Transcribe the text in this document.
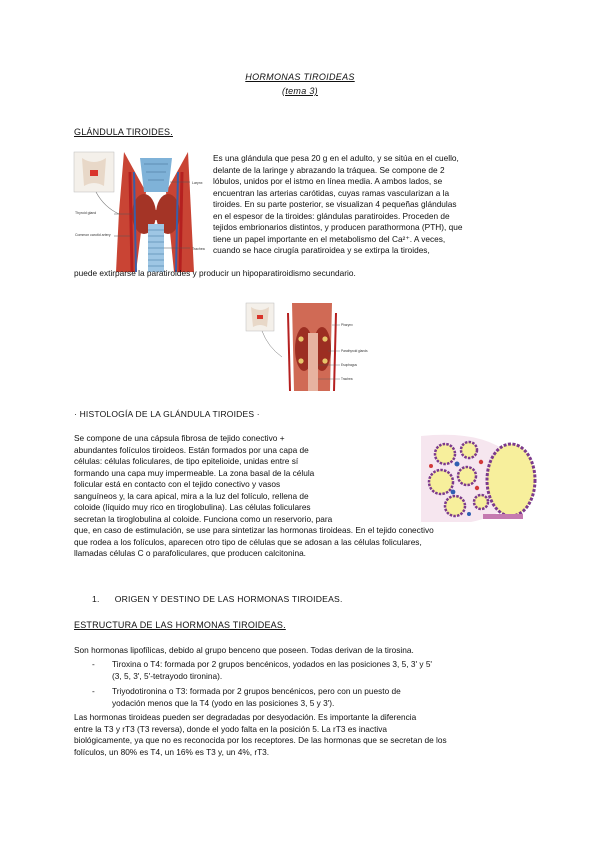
HORMONAS TIROIDEAS
(tema 3)
GLÁNDULA TIROIDES.
Larynx
Thyroid gland
Common carotid artery
Trachea
Es una glándula que pesa 20 g en el adulto, y se sitúa en el cuello,
delante de la laringe y abrazando la tráquea. Se compone de 2
lóbulos, unidos por el istmo en línea media. A ambos lados, se
encuentran las arterias carótidas, cuyas ramas vascularizan a la
tiroides. En su parte posterior, se visualizan 4 pequeñas glándulas
en el espesor de la tiroides: glándulas paratiroides. Proceden de
tejidos embrionarios distintos, y producen parathormona (PTH), que
tiene un papel importante en el metabolismo del Ca²⁺. A veces,
cuando se hace cirugía paratiroidea y se extirpa la tiroides,
puede extirparse la paratiroides y producir un hipoparatiroidismo secundario.
Pharynx
Parathyroid glands
Esophagus
Trachea
· HISTOLOGÍA DE LA GLÁNDULA TIROIDES ·
Se compone de una cápsula fibrosa de tejido conectivo +
abundantes folículos tiroideos. Están formados por una capa de
células: células foliculares, de tipo epitelioide, unidas entre sí
formando una capa muy impermeable. La zona basal de la célula
folicular está en contacto con el tejido conectivo y vasos
sanguíneos y, la cara apical, mira a la luz del folículo, rellena de
coloide (líquido muy rico en tiroglobulina). Las células foliculares
secretan la tiroglobulina al coloide. Funciona como un reservorio, para
que, en caso de estimulación, se use para sintetizar las hormonas tiroideas. En el tejido conectivo
que rodea a los folículos, aparecen otro tipo de células que se adosan a las células foliculares,
llamadas células C o parafoliculares, que producen calcitonina.
1. ORIGEN Y DESTINO DE LAS HORMONAS TIROIDEAS.
ESTRUCTURA DE LAS HORMONAS TIROIDEAS.
Son hormonas lipofílicas, debido al grupo benceno que poseen. Todas derivan de la tirosina.
- Tiroxina o T4: formada por 2 grupos bencénicos, yodados en las posiciones 3, 5, 3' y 5'
(3, 5, 3', 5'-tetrayodo tironina).
- Triyodotironina o T3: formada por 2 grupos bencénicos, pero con un puesto de
yodación menos que la T4 (yodo en las posiciones 3, 5 y 3').
Las hormonas tiroideas pueden ser degradadas por desyodación. Es importante la diferencia
entre la T3 y rT3 (T3 reversa), donde el yodo falta en la posición 5. La rT3 es inactiva
biológicamente, ya que no es reconocida por los receptores. De las hormonas que se secretan de los
folículos, un 80% es T4, un 16% es T3 y, un 4%, rT3.
